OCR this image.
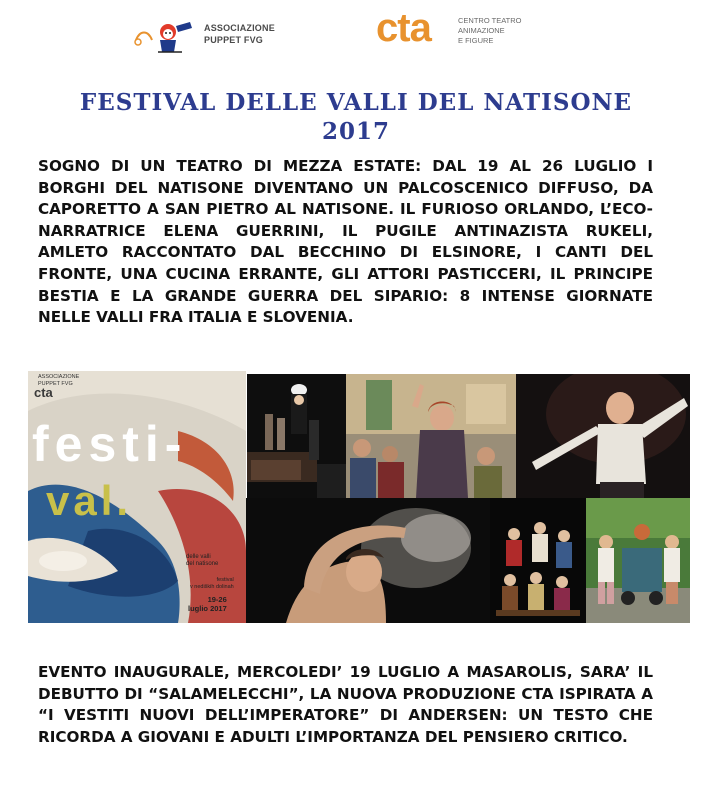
ASSOCIAZIONE
PUPPET FVG	cta	CENTRO TEATRO
ANIMAZIONE
E FIGURE
FESTIVAL DELLE VALLI DEL NATISONE
2017

SOGNO DI UN TEATRO DI MEZZA ESTATE: DAL 19 AL 26 LUGLIO I BORGHI DEL NATISONE DIVENTANO UN PALCOSCENICO DIFFUSO, DA CAPORETTO A SAN PIETRO AL NATISONE. IL FURIOSO ORLANDO, L’ECO-NARRATRICE ELENA GUERRINI, IL PUGILE ANTINAZISTA RUKELI, AMLETO RACCONTATO DAL BECCHINO DI ELSINORE, I CANTI DEL FRONTE, UNA CUCINA ERRANTE, GLI ATTORI PASTICCERI, IL PRINCIPE BESTIA E LA GRANDE GUERRA DEL SIPARIO: 8 INTENSE GIORNATE NELLE VALLI FRA ITALIA E SLOVENIA.

ASSOCIAZIONE
PUPPET FVG
cta
festi-
val.
delle valli
del natisone
festival
v nediških dolinah
19-26
luglio 2017

EVENTO INAUGURALE, MERCOLEDI’ 19 LUGLIO A MASAROLIS, SARA’ IL DEBUTTO DI “SALAMELECCHI”, LA NUOVA PRODUZIONE CTA ISPIRATA A “I VESTITI NUOVI DELL’IMPERATORE” DI ANDERSEN: UN TESTO CHE RICORDA A GIOVANI E ADULTI L’IMPORTANZA DEL PENSIERO CRITICO.
